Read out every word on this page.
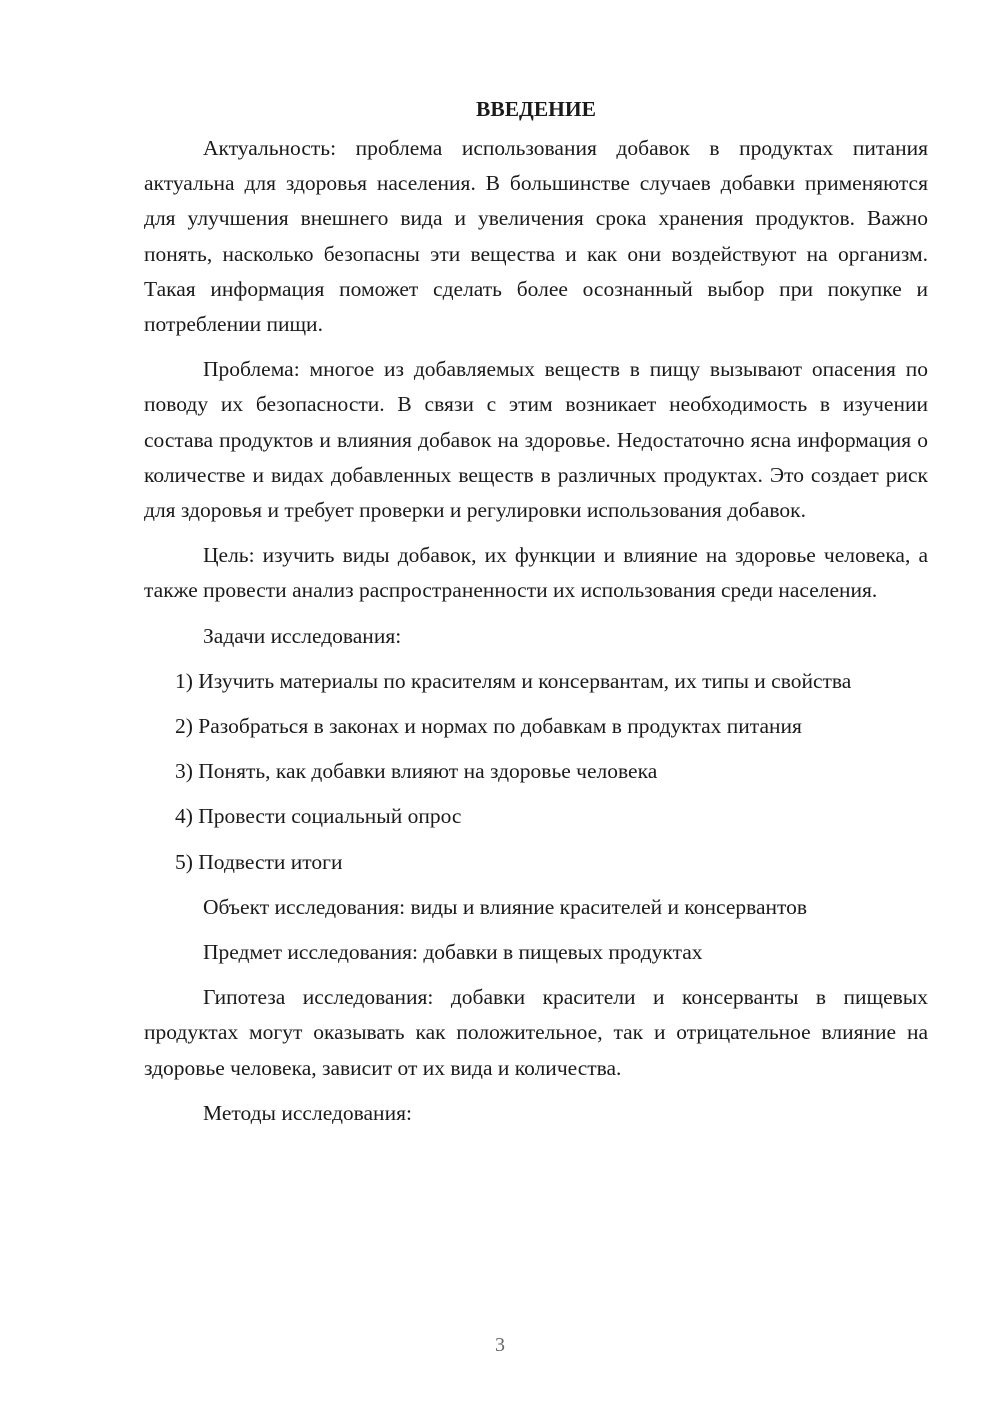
ВВЕДЕНИЕ

Актуальность: проблема использования добавок в продуктах питания актуальна для здоровья населения. В большинстве случаев добавки применяются для улучшения внешнего вида и увеличения срока хранения продуктов. Важно понять, насколько безопасны эти вещества и как они воздействуют на организм. Такая информация поможет сделать более осознанный выбор при покупке и потреблении пищи.

Проблема: многое из добавляемых веществ в пищу вызывают опасения по поводу их безопасности. В связи с этим возникает необходимость в изучении состава продуктов и влияния добавок на здоровье. Недостаточно ясна информация о количестве и видах добавленных веществ в различных продуктах. Это создает риск для здоровья и требует проверки и регулировки использования добавок.

Цель: изучить виды добавок, их функции и влияние на здоровье человека, а также провести анализ распространенности их использования среди населения.

Задачи исследования:

1) Изучить материалы по красителям и консервантам, их типы и свойства

2) Разобраться в законах и нормах по добавкам в продуктах питания

3) Понять, как добавки влияют на здоровье человека

4) Провести социальный опрос

5) Подвести итоги

Объект исследования: виды и влияние красителей и консервантов

Предмет исследования: добавки в пищевых продуктах

Гипотеза исследования: добавки красители и консерванты в пищевых продуктах могут оказывать как положительное, так и отрицательное влияние на здоровье человека, зависит от их вида и количества.

Методы исследования:

3
